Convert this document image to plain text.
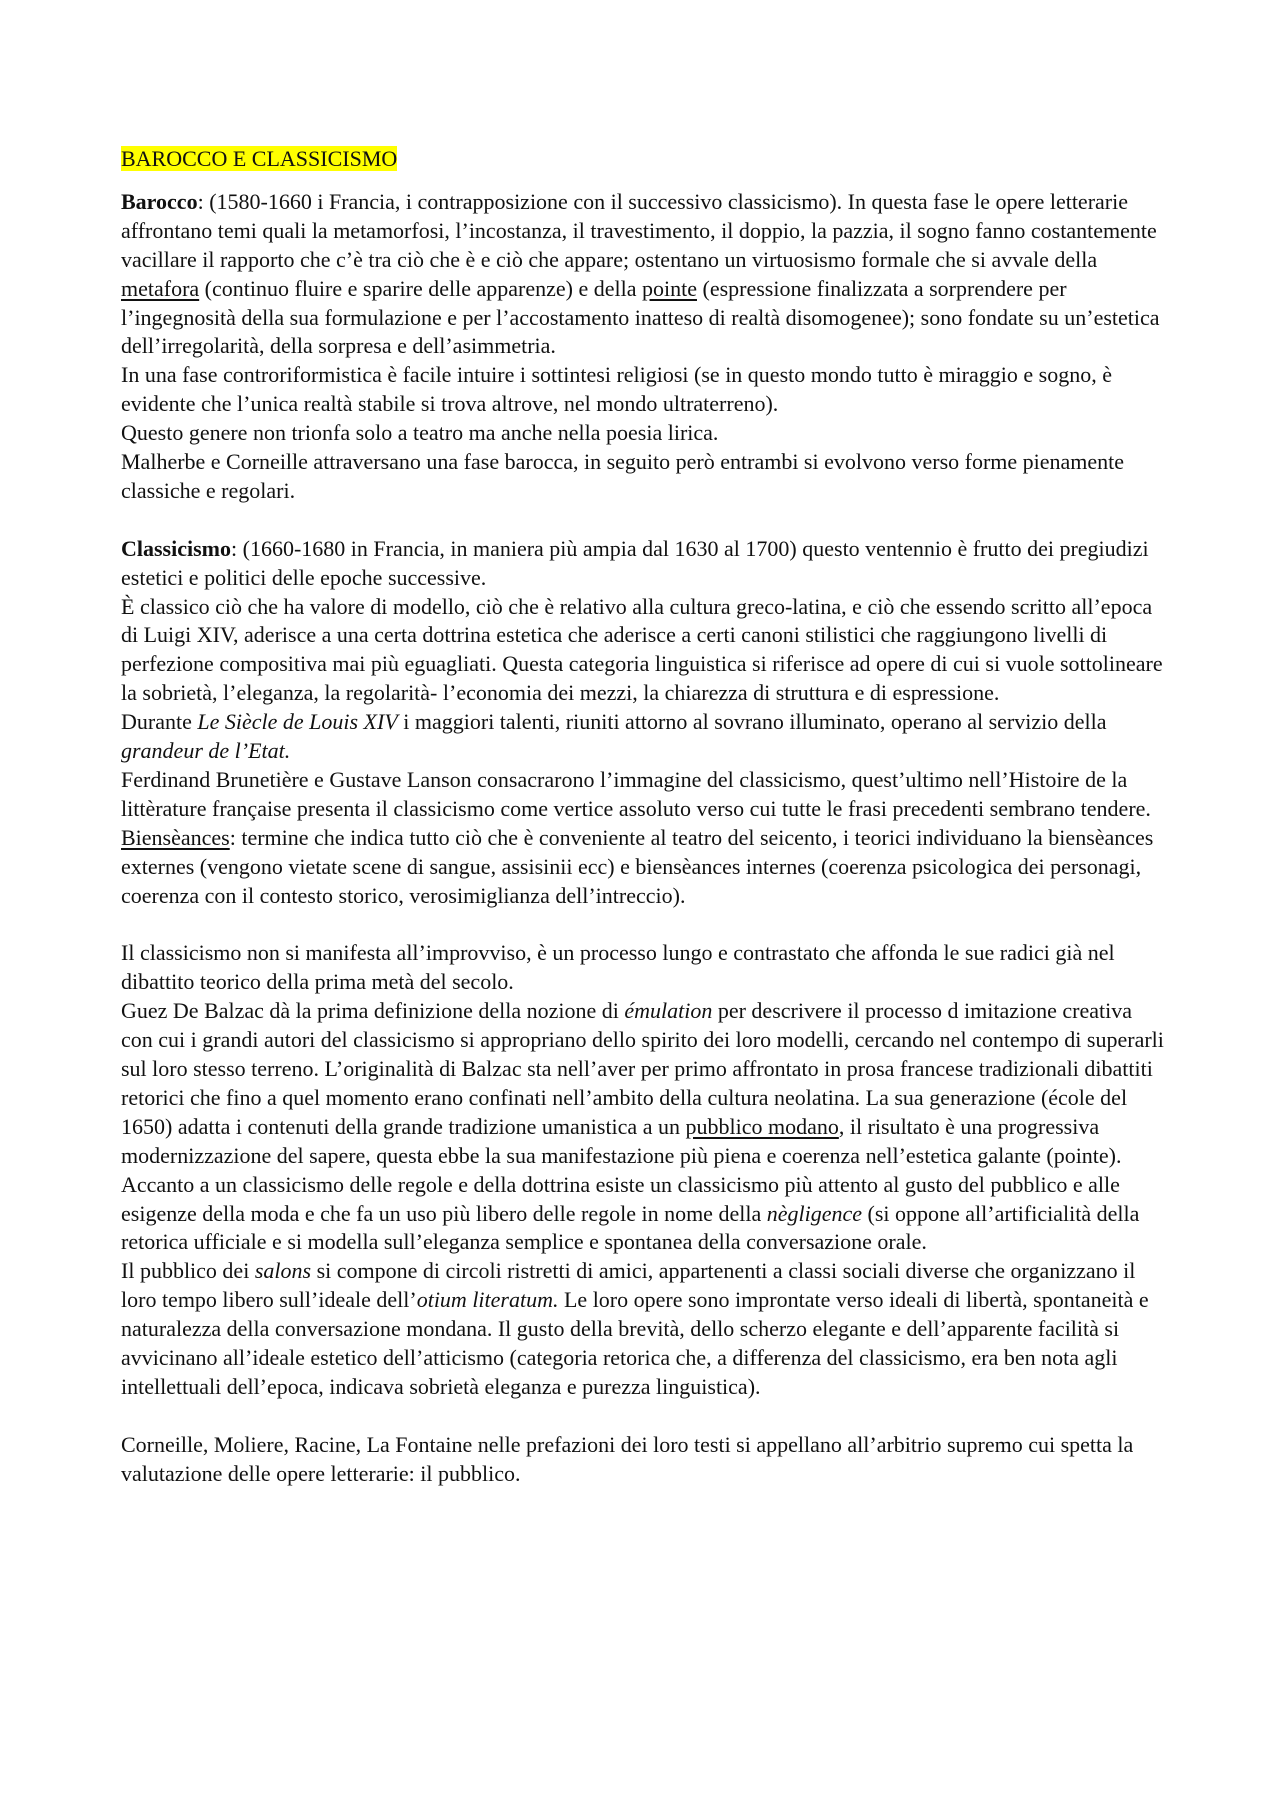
BAROCCO E CLASSICISMO

Barocco: (1580-1660 i Francia, i contrapposizione con il successivo classicismo). In questa fase le opere letterarie affrontano temi quali la metamorfosi, l’incostanza, il travestimento, il doppio, la pazzia, il sogno fanno costantemente vacillare il rapporto che c’è tra ciò che è e ciò che appare; ostentano un virtuosismo formale che si avvale della metafora (continuo fluire e sparire delle apparenze) e della pointe (espressione finalizzata a sorprendere per l’ingegnosità della sua formulazione e per l’accostamento inatteso di realtà disomogenee); sono fondate su un’estetica dell’irregolarità, della sorpresa e dell’asimmetria.

In una fase controriformistica è facile intuire i sottintesi religiosi (se in questo mondo tutto è miraggio e sogno, è evidente che l’unica realtà stabile si trova altrove, nel mondo ultraterreno).

Questo genere non trionfa solo a teatro ma anche nella poesia lirica.

Malherbe e Corneille attraversano una fase barocca, in seguito però entrambi si evolvono verso forme pienamente classiche e regolari.

Classicismo: (1660-1680 in Francia, in maniera più ampia dal 1630 al 1700) questo ventennio è frutto dei pregiudizi estetici e politici delle epoche successive.

È classico ciò che ha valore di modello, ciò che è relativo alla cultura greco-latina, e ciò che essendo scritto all’epoca di Luigi XIV, aderisce a una certa dottrina estetica che aderisce a certi canoni stilistici che raggiungono livelli di perfezione compositiva mai più eguagliati. Questa categoria linguistica si riferisce ad opere di cui si vuole sottolineare la sobrietà, l’eleganza, la regolarità- l’economia dei mezzi, la chiarezza di struttura e di espressione.

Durante Le Siècle de Louis XIV i maggiori talenti, riuniti attorno al sovrano illuminato, operano al servizio della grandeur de l’Etat.

Ferdinand Brunetière e Gustave Lanson consacrarono l’immagine del classicismo, quest’ultimo nell’Histoire de la littèrature française presenta il classicismo come vertice assoluto verso cui tutte le frasi precedenti sembrano tendere. Biensèances: termine che indica tutto ciò che è conveniente al teatro del seicento, i teorici individuano la biensèances externes (vengono vietate scene di sangue, assisinii ecc) e biensèances internes (coerenza psicologica dei personagi, coerenza con il contesto storico, verosimiglianza dell’intreccio).

Il classicismo non si manifesta all’improvviso, è un processo lungo e contrastato che affonda le sue radici già nel dibattito teorico della prima metà del secolo.

Guez De Balzac dà la prima definizione della nozione di émulation per descrivere il processo d imitazione creativa con cui i grandi autori del classicismo si appropriano dello spirito dei loro modelli, cercando nel contempo di superarli sul loro stesso terreno. L’originalità di Balzac sta nell’aver per primo affrontato in prosa francese tradizionali dibattiti retorici che fino a quel momento erano confinati nell’ambito della cultura neolatina. La sua generazione (école del 1650) adatta i contenuti della grande tradizione umanistica a un pubblico modano, il risultato è una progressiva modernizzazione del sapere, questa ebbe la sua manifestazione più piena e coerenza nell’estetica galante (pointe).

Accanto a un classicismo delle regole e della dottrina esiste un classicismo più attento al gusto del pubblico e alle esigenze della moda e che fa un uso più libero delle regole in nome della nègligence (si oppone all’artificialità della retorica ufficiale e si modella sull’eleganza semplice e spontanea della conversazione orale.

Il pubblico dei salons si compone di circoli ristretti di amici, appartenenti a classi sociali diverse che organizzano il loro tempo libero sull’ideale dell’otium literatum. Le loro opere sono improntate verso ideali di libertà, spontaneità e naturalezza della conversazione mondana. Il gusto della brevità, dello scherzo elegante e dell’apparente facilità si avvicinano all’ideale estetico dell’atticismo (categoria retorica che, a differenza del classicismo, era ben nota agli intellettuali dell’epoca, indicava sobrietà eleganza e purezza linguistica).

Corneille, Moliere, Racine, La Fontaine nelle prefazioni dei loro testi si appellano all’arbitrio supremo cui spetta la valutazione delle opere letterarie: il pubblico.
